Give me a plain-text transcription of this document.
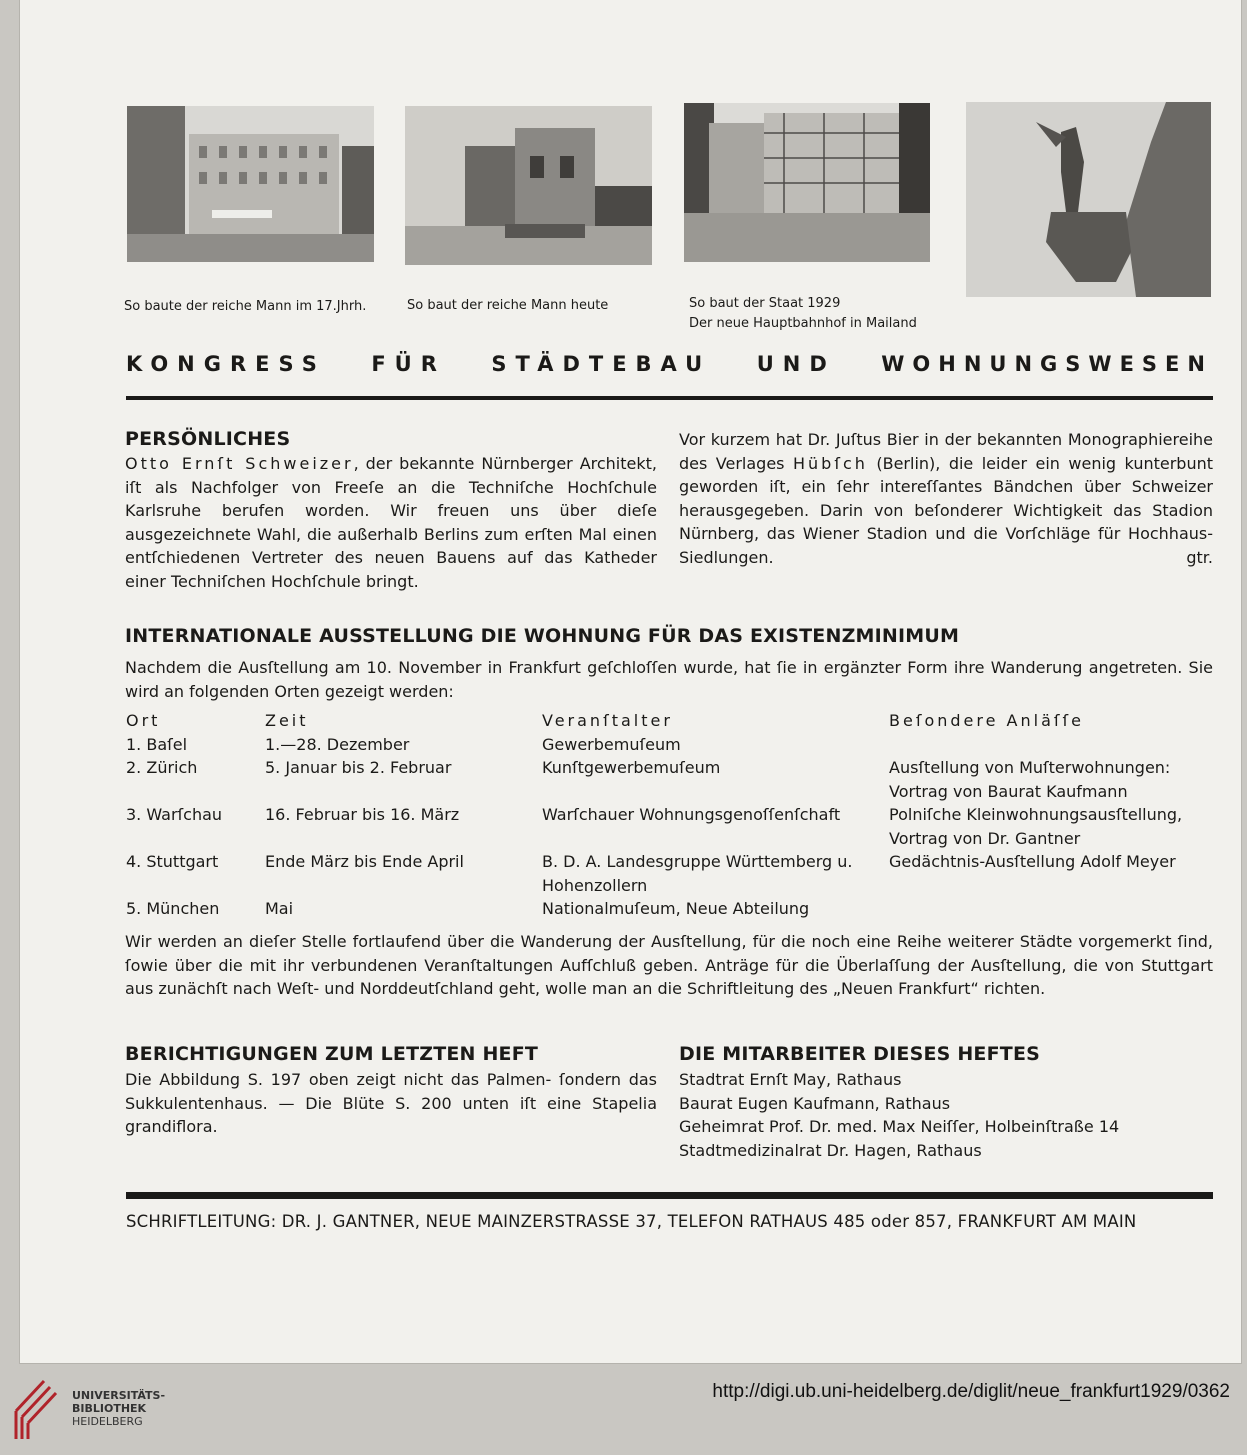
So baute der reiche Mann im 17.Jhrh.	So baut der reiche Mann heute	So baut der Staat 1929
Der neue Hauptbahnhof in Mailand
KONGRESS FÜR STÄDTEBAU UND WOHNUNGSWESEN
PERSÖNLICHES
Otto Ernſt Schweizer, der bekannte Nürnberger Architekt, iſt als Nachfolger von Freeſe an die Techniſche Hochſchule Karlsruhe berufen worden. Wir freuen uns über dieſe ausgezeichnete Wahl, die außerhalb Berlins zum erſten Mal einen entſchiedenen Vertreter des neuen Bauens auf das Katheder einer Techniſchen Hochſchule bringt.
Vor kurzem hat Dr. Juſtus Bier in der bekannten Monographiereihe des Verlages Hübſch (Berlin), die leider ein wenig kunterbunt geworden iſt, ein ſehr intereſſantes Bändchen über Schweizer herausgegeben. Darin von beſonderer Wichtigkeit das Stadion Nürnberg, das Wiener Stadion und die Vorſchläge für Hochhaus-Siedlungen.	gtr.
INTERNATIONALE AUSSTELLUNG DIE WOHNUNG FÜR DAS EXISTENZMINIMUM
Nachdem die Ausſtellung am 10. November in Frankfurt geſchloſſen wurde, hat ſie in ergänzter Form ihre Wanderung angetreten. Sie wird an folgenden Orten gezeigt werden:
Ort	Zeit	Veranſtalter	Beſondere Anläſſe
1. Baſel	1.—28. Dezember	Gewerbemuſeum	
2. Zürich	5. Januar bis 2. Februar	Kunſtgewerbemuſeum	Ausſtellung von Muſterwohnungen: Vortrag von Baurat Kaufmann
3. Warſchau	16. Februar bis 16. März	Warſchauer Wohnungsgenoſſenſchaft	Polniſche Kleinwohnungsausſtellung, Vortrag von Dr. Gantner
4. Stuttgart	Ende März bis Ende April	B. D. A. Landesgruppe Württemberg u. Hohenzollern	Gedächtnis-Ausſtellung Adolf Meyer
5. München	Mai	Nationalmuſeum, Neue Abteilung	
Wir werden an dieſer Stelle fortlaufend über die Wanderung der Ausſtellung, für die noch eine Reihe weiterer Städte vorgemerkt ſind, ſowie über die mit ihr verbundenen Veranſtaltungen Aufſchluß geben. Anträge für die Überlaſſung der Ausſtellung, die von Stuttgart aus zunächſt nach Weſt- und Norddeutſchland geht, wolle man an die Schriftleitung des „Neuen Frankfurt“ richten.
BERICHTIGUNGEN ZUM LETZTEN HEFT
Die Abbildung S. 197 oben zeigt nicht das Palmen- ſondern das Sukkulentenhaus. — Die Blüte S. 200 unten iſt eine Stapelia grandiflora.
DIE MITARBEITER DIESES HEFTES
Stadtrat Ernſt May, Rathaus
Baurat Eugen Kaufmann, Rathaus
Geheimrat Prof. Dr. med. Max Neiſſer, Holbeinſtraße 14
Stadtmedizinalrat Dr. Hagen, Rathaus
SCHRIFTLEITUNG: DR. J. GANTNER, NEUE MAINZERSTRASSE 37, TELEFON RATHAUS 485 oder 857, FRANKFURT AM MAIN
UNIVERSITÄTS-
BIBLIOTHEK
HEIDELBERG
http://digi.ub.uni-heidelberg.de/diglit/neue_frankfurt1929/0362
